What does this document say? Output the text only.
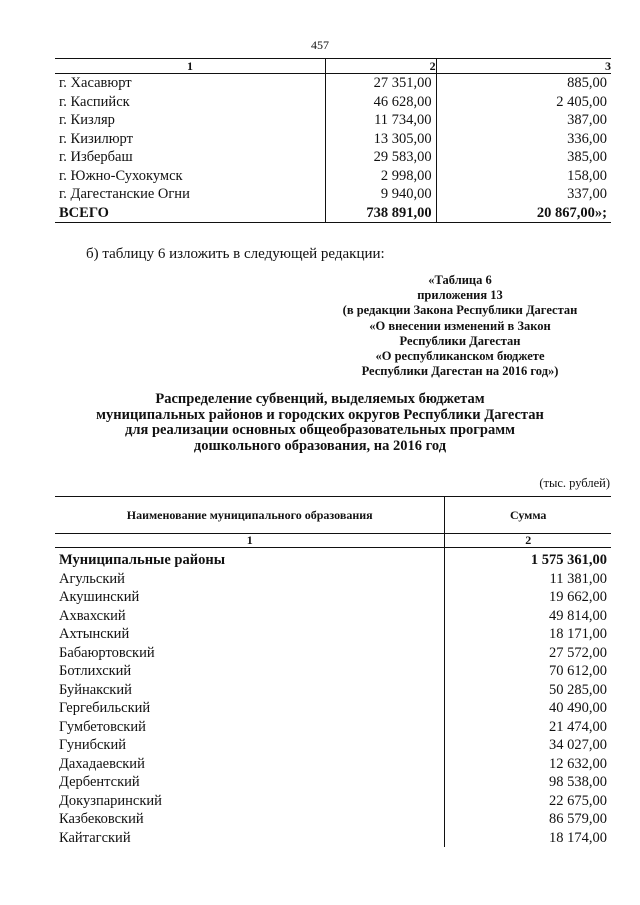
457
1	2	3
г. Хасавюрт	27 351,00	885,00
г. Каспийск	46 628,00	2 405,00
г. Кизляр	11 734,00	387,00
г. Кизилюрт	13 305,00	336,00
г. Избербаш	29 583,00	385,00
г. Южно-Сухокумск	2 998,00	158,00
г. Дагестанские Огни	9 940,00	337,00
ВСЕГО	738 891,00	20 867,00»;
б) таблицу 6 изложить в следующей редакции:
«Таблица 6
приложения 13
(в редакции Закона Республики Дагестан
«О внесении изменений в Закон
Республики Дагестан
«О республиканском бюджете
Республики Дагестан на 2016 год»)
Распределение субвенций, выделяемых бюджетам
муниципальных районов и городских округов Республики Дагестан
для реализации основных общеобразовательных программ
дошкольного образования, на 2016 год
(тыс. рублей)
Наименование муниципального образования	Сумма
1	2
Муниципальные районы	1 575 361,00
Агульский	11 381,00
Акушинский	19 662,00
Ахвахский	49 814,00
Ахтынский	18 171,00
Бабаюртовский	27 572,00
Ботлихский	70 612,00
Буйнакский	50 285,00
Гергебильский	40 490,00
Гумбетовский	21 474,00
Гунибский	34 027,00
Дахадаевский	12 632,00
Дербентский	98 538,00
Докузпаринский	22 675,00
Казбековский	86 579,00
Кайтагский	18 174,00
